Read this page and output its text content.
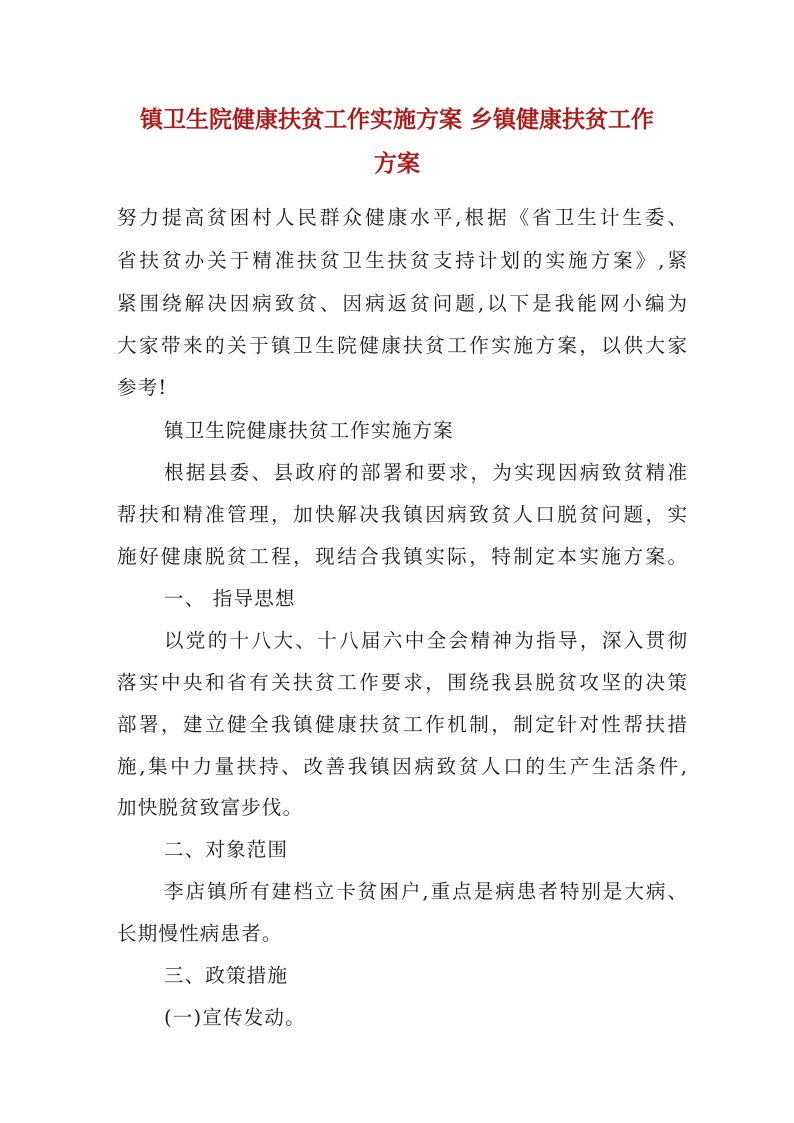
镇卫生院健康扶贫工作实施方案 乡镇健康扶贫工作
方案
努力提高贫困村人民群众健康水平,根据《省卫生计生委、
省扶贫办关于精准扶贫卫生扶贫支持计划的实施方案》,紧
紧围绕解决因病致贫、因病返贫问题,以下是我能网小编为
大家带来的关于镇卫生院健康扶贫工作实施方案，以供大家
参考!
镇卫生院健康扶贫工作实施方案
根据县委、县政府的部署和要求，为实现因病致贫精准
帮扶和精准管理，加快解决我镇因病致贫人口脱贫问题，实
施好健康脱贫工程，现结合我镇实际，特制定本实施方案。
一、 指导思想
以党的十八大、十八届六中全会精神为指导，深入贯彻
落实中央和省有关扶贫工作要求，围绕我县脱贫攻坚的决策
部署，建立健全我镇健康扶贫工作机制，制定针对性帮扶措
施,集中力量扶持、改善我镇因病致贫人口的生产生活条件,
加快脱贫致富步伐。
二、对象范围
李店镇所有建档立卡贫困户,重点是病患者特别是大病、
长期慢性病患者。
三、政策措施
(一)宣传发动。
